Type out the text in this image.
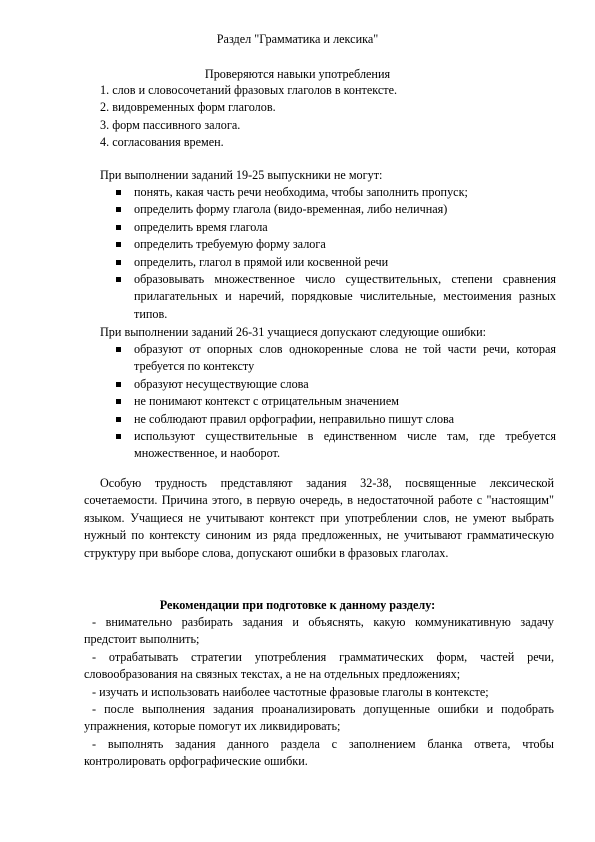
Раздел "Грамматика и лексика"
Проверяются навыки употребления
1. слов и словосочетаний фразовых глаголов в контексте.
2. видовременных форм глаголов.
3. форм пассивного залога.
4. согласования времен.
При выполнении заданий 19-25 выпускники не могут:
понять, какая часть речи необходима, чтобы заполнить пропуск;
определить форму глагола (видо-временная, либо неличная)
определить время глагола
определить требуемую форму залога
определить, глагол в прямой или косвенной речи
образовывать множественное число существительных, степени сравнения прилагательных и наречий, порядковые числительные, местоимения разных типов.
При выполнении заданий 26-31 учащиеся допускают следующие ошибки:
образуют от опорных слов однокоренные слова не той части речи, которая требуется по контексту
образуют несуществующие слова
не понимают контекст с отрицательным значением
не соблюдают правил орфографии, неправильно пишут слова
используют существительные в единственном числе там, где требуется множественное, и наоборот.

Особую трудность представляют задания 32-38, посвященные лексической сочетаемости. Причина этого, в первую очередь, в недостаточной работе с "настоящим" языком. Учащиеся не учитывают контекст при употреблении слов, не умеют выбрать нужный по контексту синоним из ряда предложенных, не учитывают грамматическую структуру при выборе слова, допускают ошибки в фразовых глаголах.

Рекомендации при подготовке к данному разделу:

- внимательно разбирать задания и объяснять, какую коммуникативную задачу предстоит выполнить;

- отрабатывать стратегии употребления грамматических форм, частей речи, словообразования на связных текстах, а не на отдельных предложениях;

- изучать и использовать наиболее частотные фразовые глаголы в контексте;

- после выполнения задания проанализировать допущенные ошибки и подобрать упражнения, которые помогут их ликвидировать;

- выполнять задания данного раздела с заполнением бланка ответа, чтобы контролировать орфографические ошибки.
